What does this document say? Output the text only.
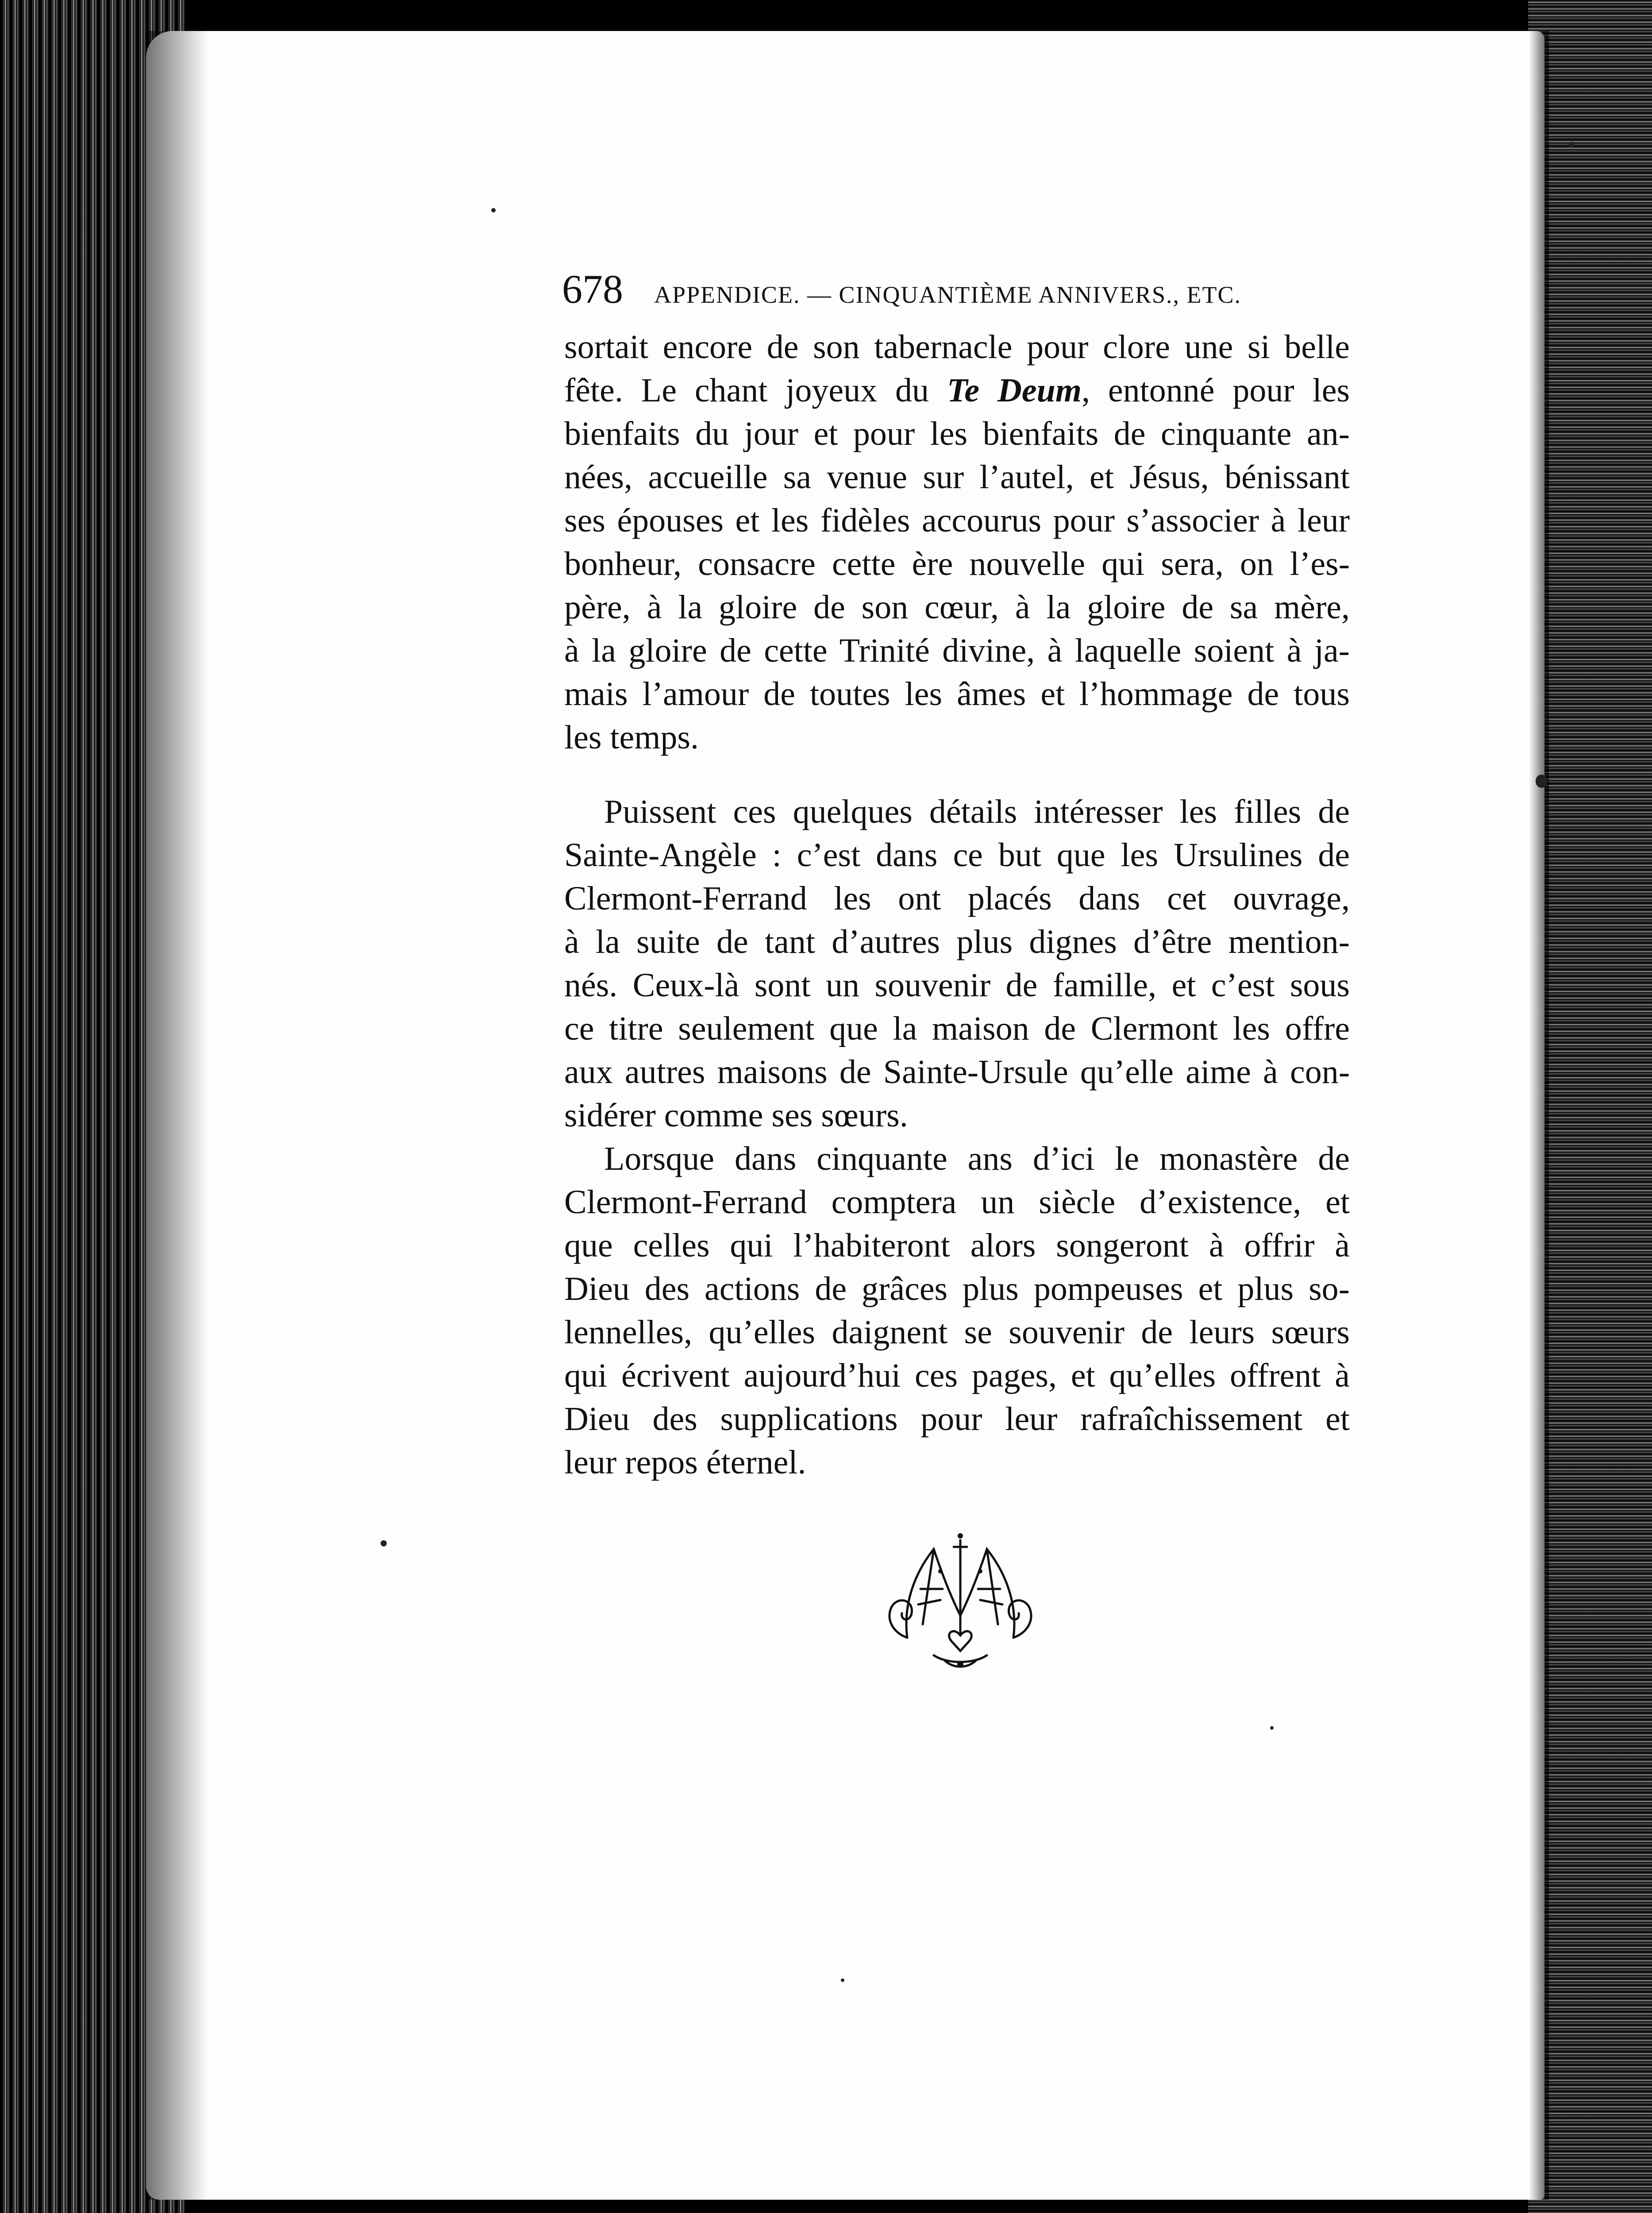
678 APPENDICE. — CINQUANTIÈME ANNIVERS., ETC.
sortait encore de son tabernacle pour clore une si belle
fête. Le chant joyeux du Te Deum, entonné pour les
bienfaits du jour et pour les bienfaits de cinquante an-
nées, accueille sa venue sur l’autel, et Jésus, bénissant
ses épouses et les fidèles accourus pour s’associer à leur
bonheur, consacre cette ère nouvelle qui sera, on l’es-
père, à la gloire de son cœur, à la gloire de sa mère,
à la gloire de cette Trinité divine, à laquelle soient à ja-
mais l’amour de toutes les âmes et l’hommage de tous
les temps.
Puissent ces quelques détails intéresser les filles de
Sainte-Angèle : c’est dans ce but que les Ursulines de
Clermont-Ferrand les ont placés dans cet ouvrage,
à la suite de tant d’autres plus dignes d’être mention-
nés. Ceux-là sont un souvenir de famille, et c’est sous
ce titre seulement que la maison de Clermont les offre
aux autres maisons de Sainte-Ursule qu’elle aime à con-
sidérer comme ses sœurs.
Lorsque dans cinquante ans d’ici le monastère de
Clermont-Ferrand comptera un siècle d’existence, et
que celles qui l’habiteront alors songeront à offrir à
Dieu des actions de grâces plus pompeuses et plus so-
lennelles, qu’elles daignent se souvenir de leurs sœurs
qui écrivent aujourd’hui ces pages, et qu’elles offrent à
Dieu des supplications pour leur rafraîchissement et
leur repos éternel.
